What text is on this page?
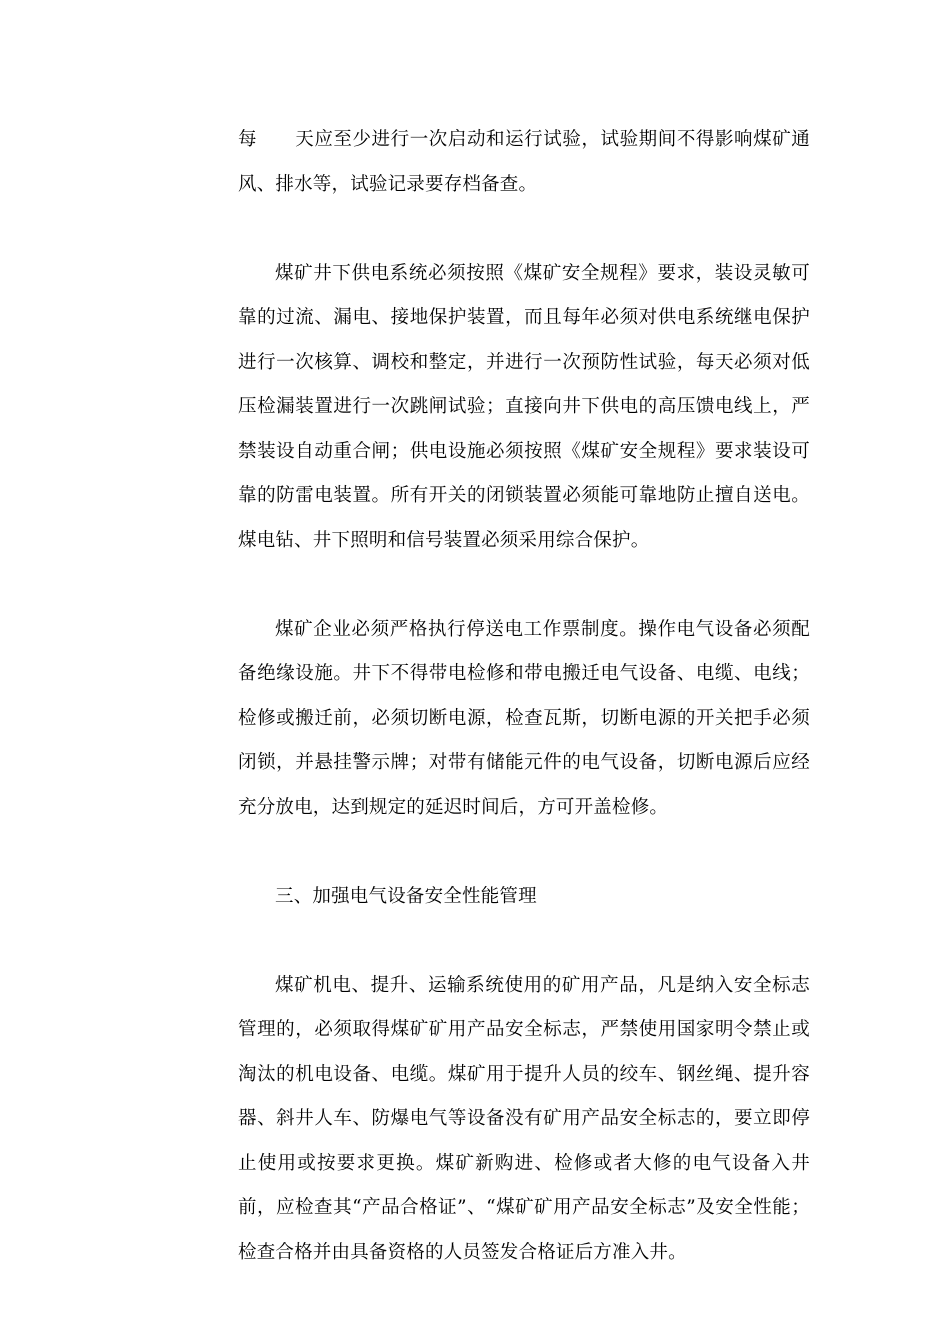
每　　天应至少进行一次启动和运行试验，试验期间不得影响煤矿通风、排水等，试验记录要存档备查。

煤矿井下供电系统必须按照《煤矿安全规程》要求，装设灵敏可靠的过流、漏电、接地保护装置，而且每年必须对供电系统继电保护进行一次核算、调校和整定，并进行一次预防性试验，每天必须对低压检漏装置进行一次跳闸试验；直接向井下供电的高压馈电线上，严禁装设自动重合闸；供电设施必须按照《煤矿安全规程》要求装设可靠的防雷电装置。所有开关的闭锁装置必须能可靠地防止擅自送电。煤电钻、井下照明和信号装置必须采用综合保护。

煤矿企业必须严格执行停送电工作票制度。操作电气设备必须配备绝缘设施。井下不得带电检修和带电搬迁电气设备、电缆、电线；检修或搬迁前，必须切断电源，检查瓦斯，切断电源的开关把手必须闭锁，并悬挂警示牌；对带有储能元件的电气设备，切断电源后应经充分放电，达到规定的延迟时间后，方可开盖检修。

三、加强电气设备安全性能管理

煤矿机电、提升、运输系统使用的矿用产品，凡是纳入安全标志管理的，必须取得煤矿矿用产品安全标志，严禁使用国家明令禁止或淘汰的机电设备、电缆。煤矿用于提升人员的绞车、钢丝绳、提升容器、斜井人车、防爆电气等设备没有矿用产品安全标志的，要立即停止使用或按要求更换。煤矿新购进、检修或者大修的电气设备入井前，应检查其“产品合格证”、“煤矿矿用产品安全标志”及安全性能；检查合格并由具备资格的人员签发合格证后方准入井。
